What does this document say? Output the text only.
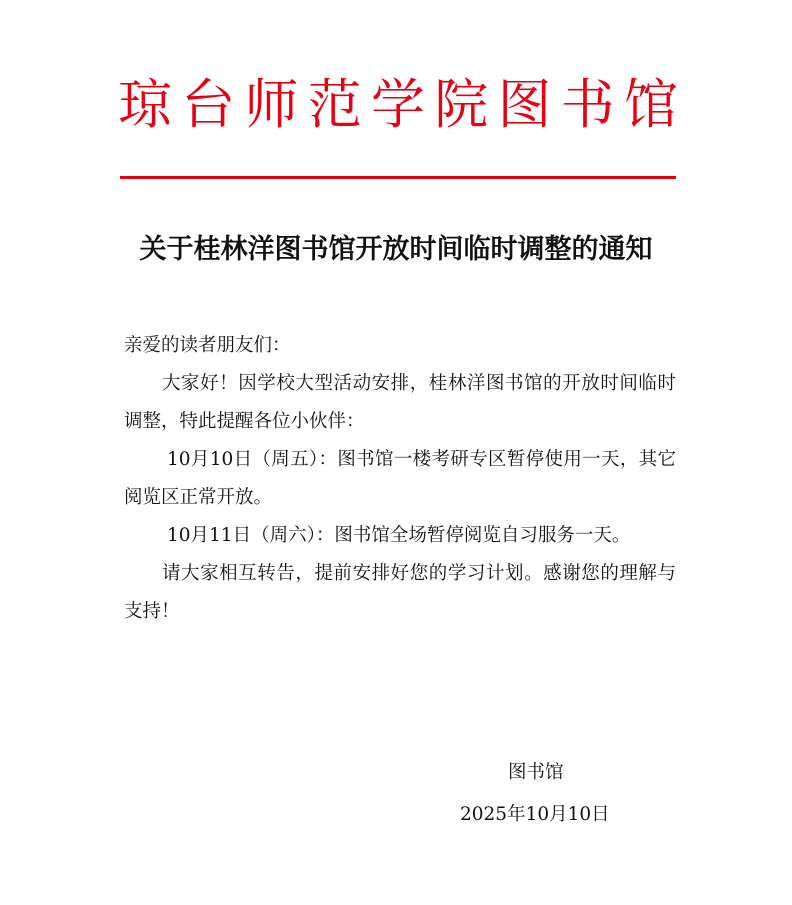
琼 台 师 范 学 院 图 书 馆
关于桂林洋图书馆开放时间临时调整的通知

亲爱的读者朋友们：

大家好！因学校大型活动安排，桂林洋图书馆的开放时间临时调整，特此提醒各位小伙伴：

10月10日（周五）：图书馆一楼考研专区暂停使用一天，其它阅览区正常开放。

10月11日（周六）：图书馆全场暂停阅览自习服务一天。

请大家相互转告，提前安排好您的学习计划。感谢您的理解与支持！

图书馆
2025年10月10日
